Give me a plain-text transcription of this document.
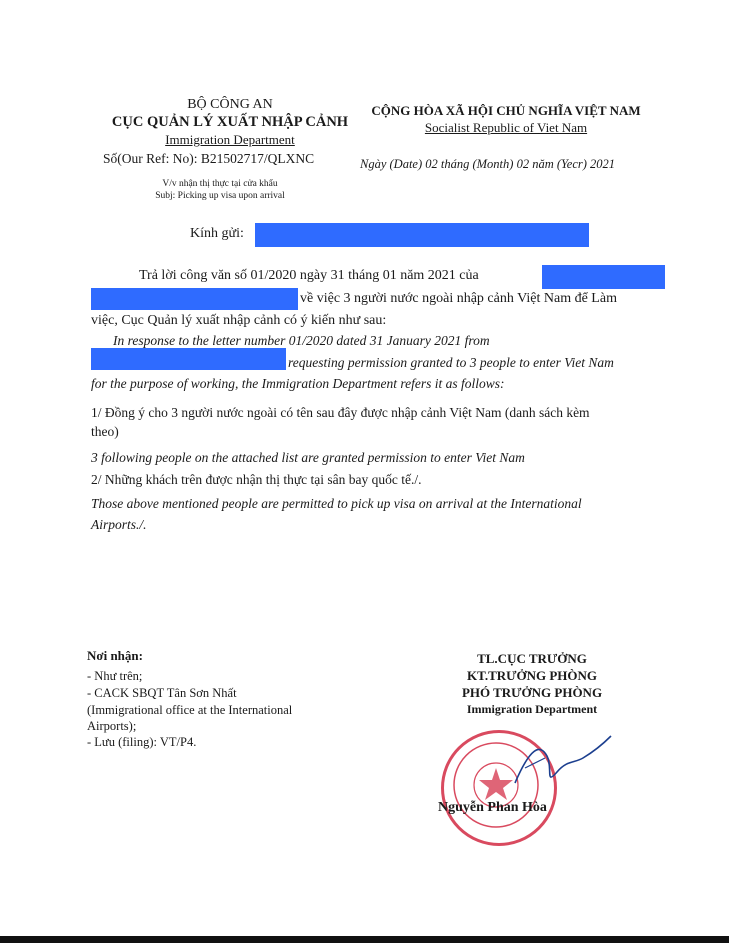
BỘ CÔNG AN
CỤC QUẢN LÝ XUẤT NHẬP CẢNH
Immigration Department
Số(Our Ref: No): B21502717/QLXNC
V/v nhận thị thực tại cửa khẩu
Subj: Picking up visa upon arrival
CỘNG HÒA XÃ HỘI CHỦ NGHĨA VIỆT NAM
Socialist Republic of Viet Nam
Ngày (Date) 02 tháng (Month) 02 năm (Yecr) 2021
Kính gửi:
Trả lời công văn số 01/2020 ngày 31 tháng 01 năm 2021 của
về việc 3 người nước ngoài nhập cảnh Việt Nam để Làm
việc, Cục Quản lý xuất nhập cảnh có ý kiến như sau:
In response to the letter number 01/2020 dated 31 January 2021 from
requesting permission granted to 3 people to enter Viet Nam
for the purpose of working, the Immigration Department refers it as follows:
1/ Đồng ý cho 3 người nước ngoài có tên sau đây được nhập cảnh Việt Nam (danh sách kèm
theo)
3 following people on the attached list are granted permission to enter Viet Nam
2/ Những khách trên được nhận thị thực tại sân bay quốc tế./.
Those above mentioned people are permitted to pick up visa on arrival at the International
Airports./.
Nơi nhận:
- Như trên;
- CACK SBQT Tân Sơn Nhất
(Immigrational office at the International
Airports);
- Lưu (filing): VT/P4.
TL.CỤC TRƯỞNG
KT.TRƯỞNG PHÒNG
PHÓ TRƯỞNG PHÒNG
Immigration Department
Nguyễn Phan Hòa
